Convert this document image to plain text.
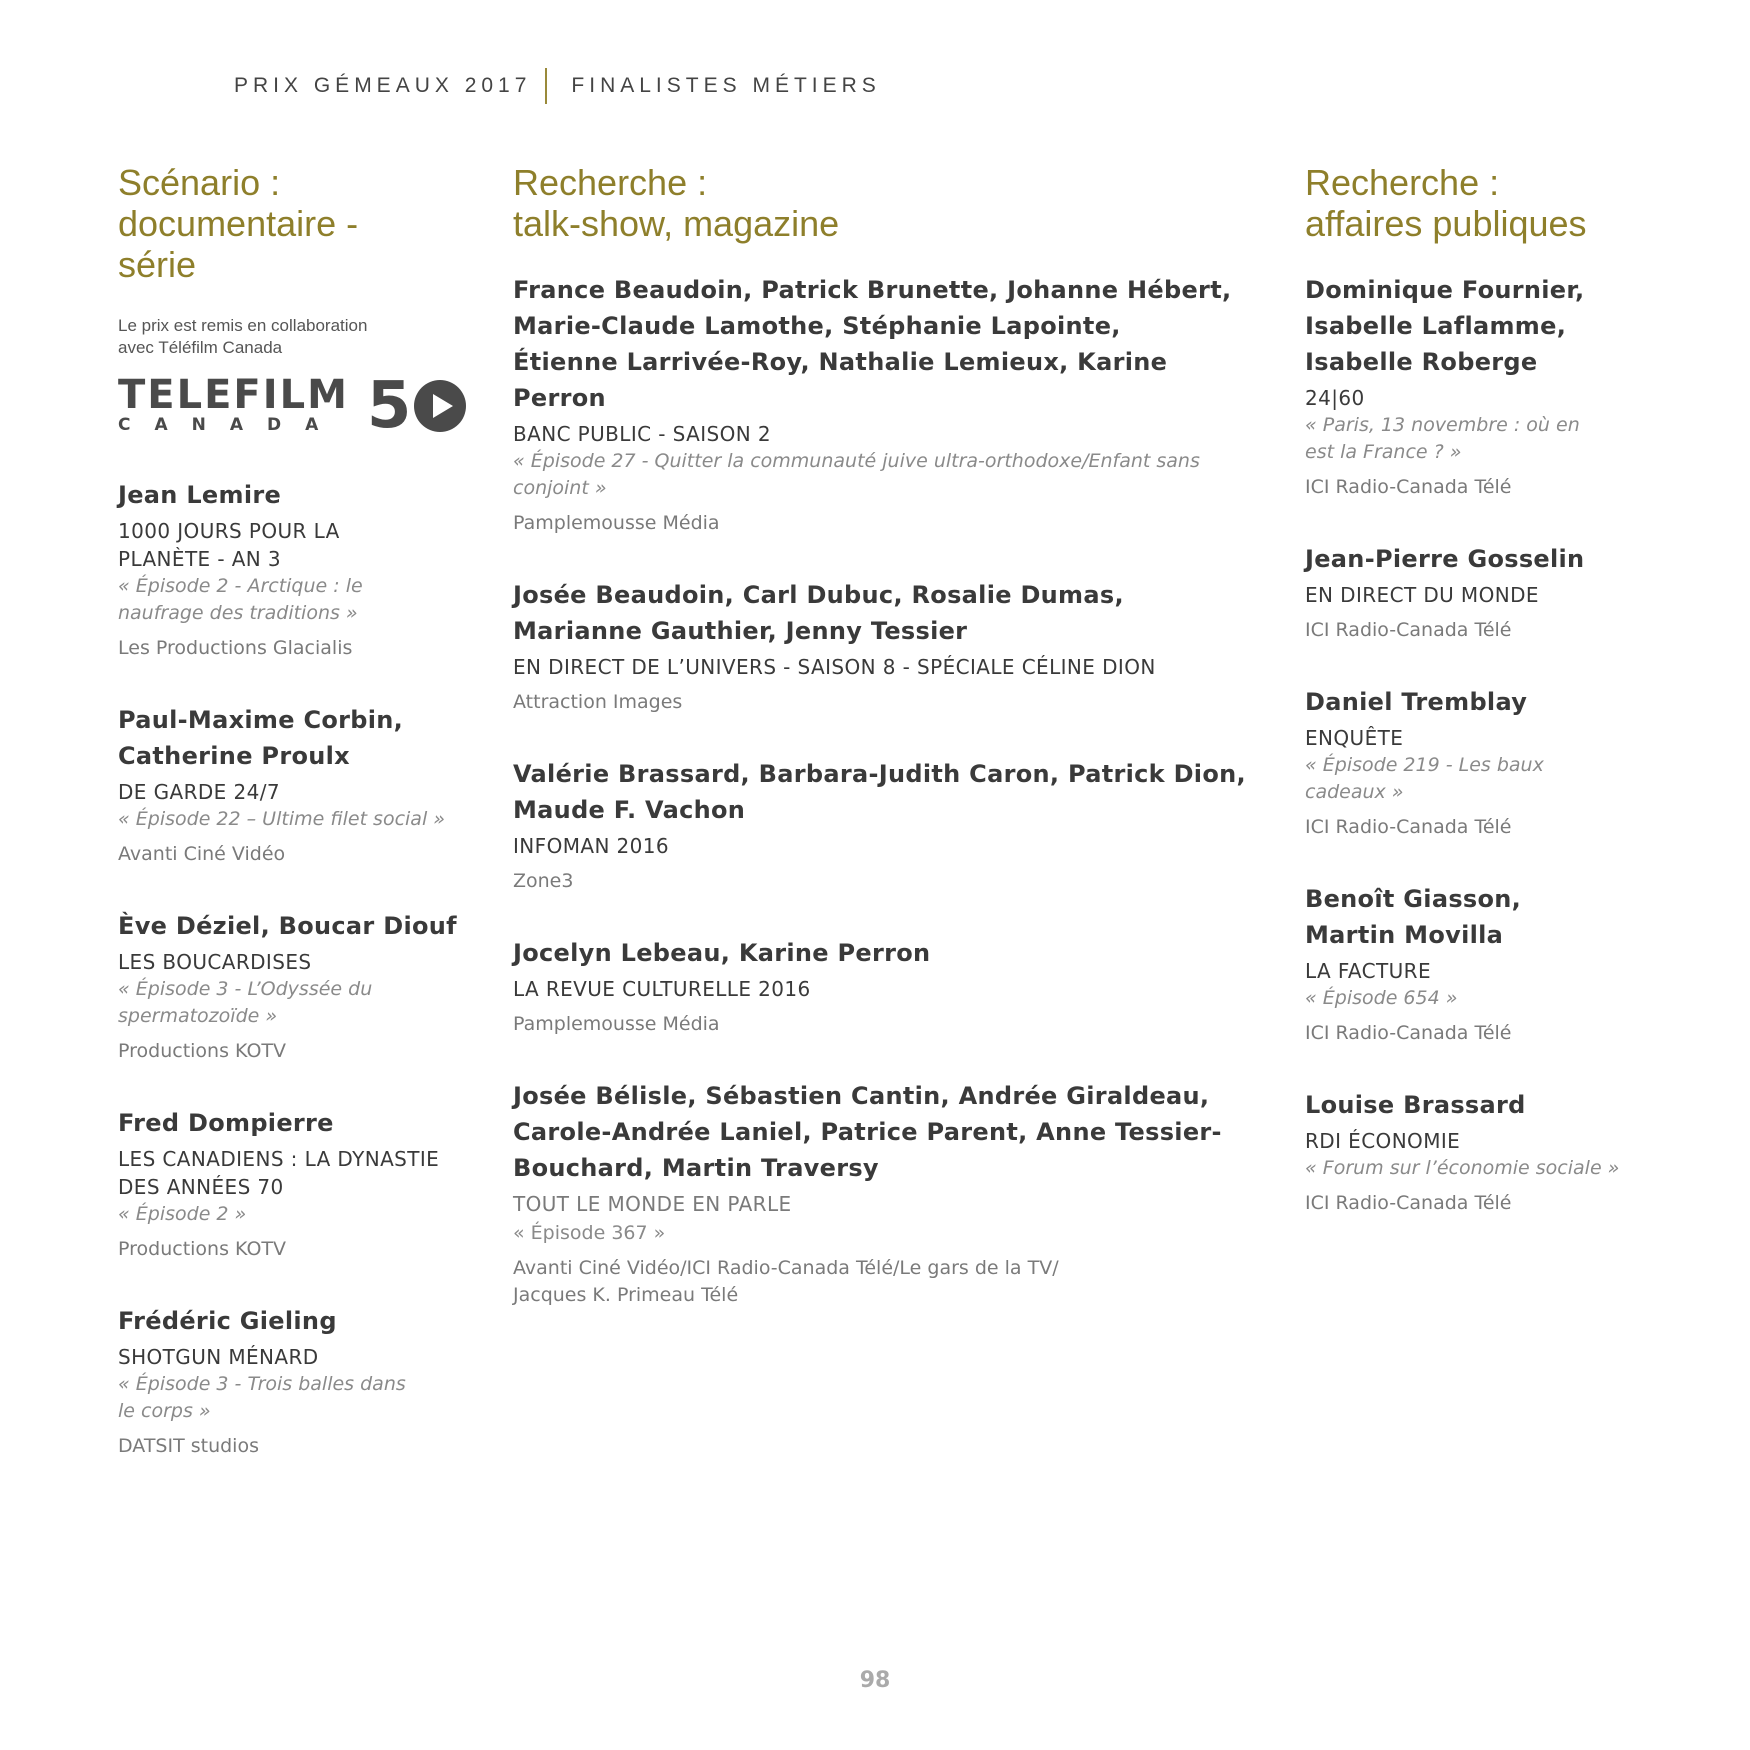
PRIX GÉMEAUX 2017 FINALISTES MÉTIERS
Scénario :
documentaire -
série
Le prix est remis en collaboration
avec Téléfilm Canada
TELEFILM
CANADA 5
Jean Lemire
1000 JOURS POUR LA
PLANÈTE - AN 3
« Épisode 2 - Arctique : le
naufrage des traditions »
Les Productions Glacialis
Paul-Maxime Corbin,
Catherine Proulx
DE GARDE 24/7
« Épisode 22 – Ultime filet social »
Avanti Ciné Vidéo
Ève Déziel, Boucar Diouf
LES BOUCARDISES
« Épisode 3 - L’Odyssée du
spermatozoïde »
Productions KOTV
Fred Dompierre
LES CANADIENS : LA DYNASTIE
DES ANNÉES 70
« Épisode 2 »
Productions KOTV
Frédéric Gieling
SHOTGUN MÉNARD
« Épisode 3 - Trois balles dans
le corps »
DATSIT studios
Recherche :
talk-show, magazine
France Beaudoin, Patrick Brunette, Johanne Hébert,
Marie-Claude Lamothe, Stéphanie Lapointe,
Étienne Larrivée-Roy, Nathalie Lemieux, Karine Perron
BANC PUBLIC - SAISON 2
« Épisode 27 - Quitter la communauté juive ultra-orthodoxe/Enfant sans
conjoint »
Pamplemousse Média
Josée Beaudoin, Carl Dubuc, Rosalie Dumas,
Marianne Gauthier, Jenny Tessier
EN DIRECT DE L’UNIVERS - SAISON 8 - SPÉCIALE CÉLINE DION
Attraction Images
Valérie Brassard, Barbara-Judith Caron, Patrick Dion,
Maude F. Vachon
INFOMAN 2016
Zone3
Jocelyn Lebeau, Karine Perron
LA REVUE CULTURELLE 2016
Pamplemousse Média
Josée Bélisle, Sébastien Cantin, Andrée Giraldeau,
Carole-Andrée Laniel, Patrice Parent, Anne Tessier-
Bouchard, Martin Traversy
TOUT LE MONDE EN PARLE
« Épisode 367 »
Avanti Ciné Vidéo/ICI Radio-Canada Télé/Le gars de la TV/
Jacques K. Primeau Télé
Recherche :
affaires publiques
Dominique Fournier,
Isabelle Laflamme,
Isabelle Roberge
24|60
« Paris, 13 novembre : où en
est la France ? »
ICI Radio-Canada Télé
Jean-Pierre Gosselin
EN DIRECT DU MONDE
ICI Radio-Canada Télé
Daniel Tremblay
ENQUÊTE
« Épisode 219 - Les baux
cadeaux »
ICI Radio-Canada Télé
Benoît Giasson,
Martin Movilla
LA FACTURE
« Épisode 654 »
ICI Radio-Canada Télé
Louise Brassard
RDI ÉCONOMIE
« Forum sur l’économie sociale »
ICI Radio-Canada Télé
98
